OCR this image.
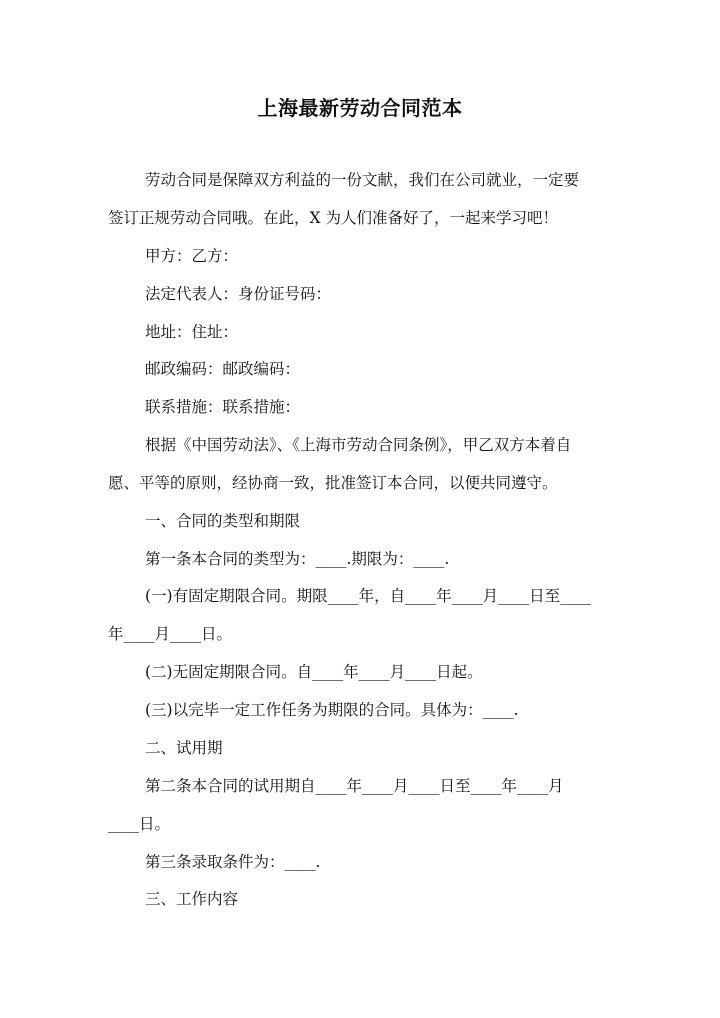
上海最新劳动合同范本
劳动合同是保障双方利益的一份文献，我们在公司就业，一定要
签订正规劳动合同哦。在此，X 为人们准备好了，一起来学习吧！
甲方：乙方：
法定代表人：身份证号码：
地址：住址：
邮政编码：邮政编码：
联系措施：联系措施：
根据《中国劳动法》、《上海市劳动合同条例》，甲乙双方本着自
愿、平等的原则，经协商一致，批准签订本合同，以便共同遵守。
一、合同的类型和期限
第一条本合同的类型为：____.期限为：____.
(一)有固定期限合同。期限____年，自____年____月____日至____
年____月____日。
(二)无固定期限合同。自____年____月____日起。
(三)以完毕一定工作任务为期限的合同。具体为：____.
二、试用期
第二条本合同的试用期自____年____月____日至____年____月
____日。
第三条录取条件为：____.
三、工作内容
